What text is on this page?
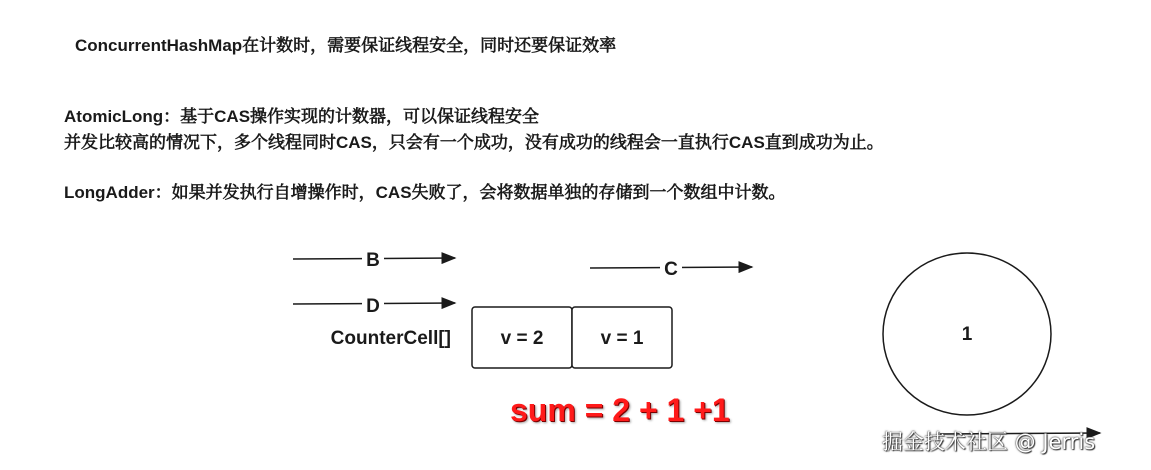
ConcurrentHashMap在计数时，需要保证线程安全，同时还要保证效率
AtomicLong：基于CAS操作实现的计数器，可以保证线程安全
并发比较高的情况下，多个线程同时CAS，只会有一个成功，没有成功的线程会一直执行CAS直到成功为止。
LongAdder：如果并发执行自增操作时，CAS失败了，会将数据单独的存储到一个数组中计数。
B	C
D
CounterCell[]	v = 2	v = 1	1
sum = 2 + 1 +1
掘金技术社区 @ Jerris
